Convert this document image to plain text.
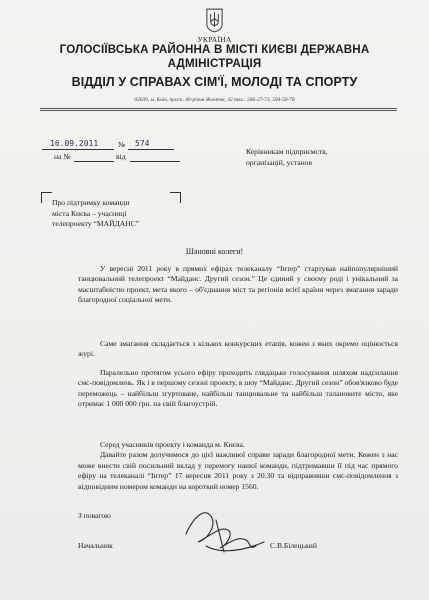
УКРАЇНА
ГОЛОСІЇВСЬКА РАЙОННА В МІСТІ КИЄВІ ДЕРЖАВНА
АДМІНІСТРАЦІЯ
ВІДДІЛ У СПРАВАХ СІМ'Ї, МОЛОДІ ТА СПОРТУ
03039, м. Київ, просп. 40-річчя Жовтня, 42 тел.: 206-27-73, 594-50-78
16.09.2011	№ 574
на №	від
Керівникам підприємств,
організацій, установ
Про підтримку команди
міста Києва – учасниці
телепроекту “МАЙДАНС”
Шановні колеги!

У вересні 2011 року в прямих ефірах телеканалу “Інтер” стартував найпопулярніший танцювальний телепроект “Майданс. Другий сезон.” Це єдиний у своєму роді і унікальний за масштабністю проект, мета якого – об'єднання міст та регіонів всієї країни через змагання заради благородної соціальної мети.

Саме змагання складається з кількох конкурсних етапів, кожен з яких окремо оцінюється журі.

Паралельно протягом усього ефіру проходить глядацьке голосування шляхом надсилання смс-повідомлень. Як і в першому сезоні проекту, в шоу “Майданс. Другий сезон” обов'язково буде переможець – найбільш згуртоване, найбільш танцювальне та найбільш талановите місто, яке отримає 1 000 000 грн. на свій благоустрій.

Серед учасників проекту і команда м. Києва.

Давайте разом долучимося до цієї важливої справи заради благородної мети. Кожен з нас може внести свій посильний вклад у перемогу нашої команди, підтримавши її під час прямого ефіру на телеканалі “Інтер” 17 вересня 2011 року з 20.30 та відправивши смс-повідомлення з відповідним номером команди на короткий номер 1560.

З повагою
Начальник	С.В.Білецький
